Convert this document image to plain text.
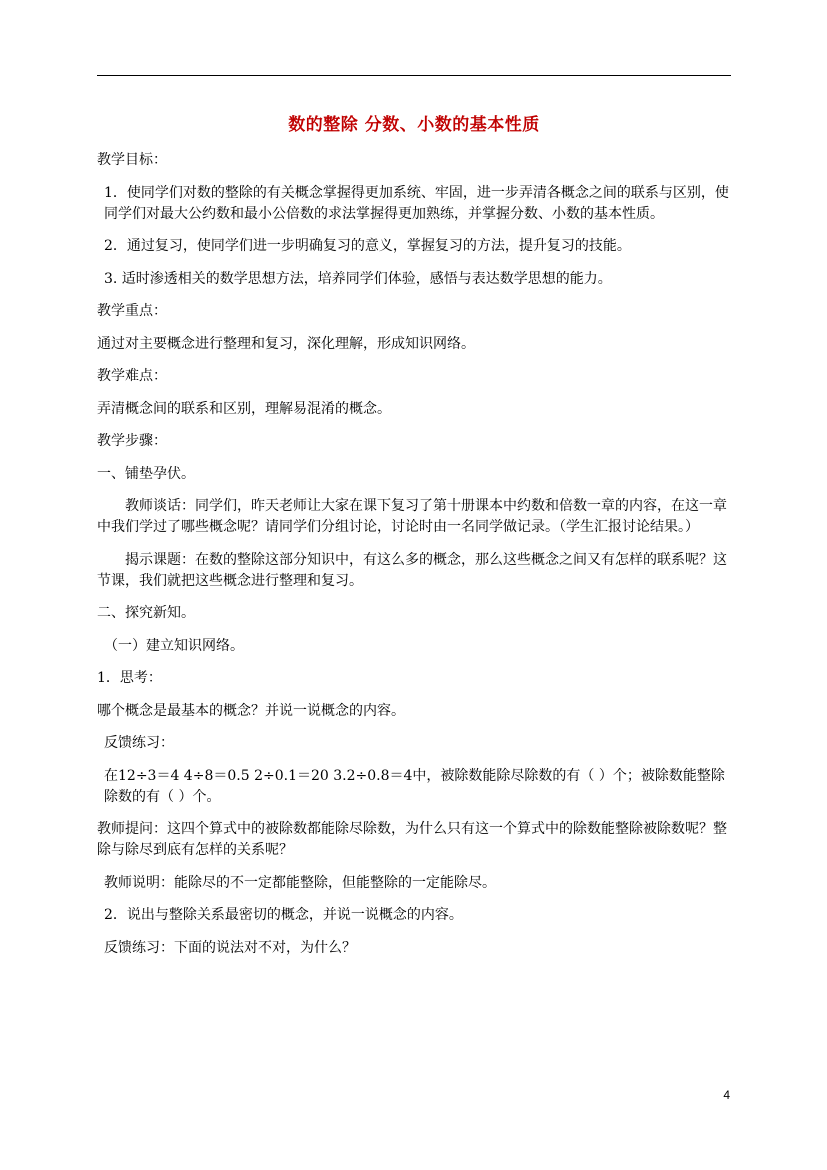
数的整除 分数、小数的基本性质

教学目标：

1．使同学们对数的整除的有关概念掌握得更加系统、牢固，进一步弄清各概念之间的联系与区别，使同学们对最大公约数和最小公倍数的求法掌握得更加熟练，并掌握分数、小数的基本性质。

2．通过复习，使同学们进一步明确复习的意义，掌握复习的方法，提升复习的技能。

3. 适时渗透相关的数学思想方法，培养同学们体验，感悟与表达数学思想的能力。

教学重点：

通过对主要概念进行整理和复习，深化理解，形成知识网络。

教学难点：

弄清概念间的联系和区别，理解易混淆的概念。

教学步骤：

一、铺垫孕伏。

教师谈话：同学们，昨天老师让大家在课下复习了第十册课本中约数和倍数一章的内容，在这一章中我们学过了哪些概念呢？请同学们分组讨论，讨论时由一名同学做记录。（学生汇报讨论结果。）

揭示课题：在数的整除这部分知识中，有这么多的概念，那么这些概念之间又有怎样的联系呢？这节课，我们就把这些概念进行整理和复习。

二、探究新知。

（一）建立知识网络。

1．思考：

哪个概念是最基本的概念？并说一说概念的内容。

反馈练习：

在12÷3＝4 4÷8＝0.5 2÷0.1＝20 3.2÷0.8＝4中，被除数能除尽除数的有（ ）个；被除数能整除除数的有（ ）个。

教师提问：这四个算式中的被除数都能除尽除数，为什么只有这一个算式中的除数能整除被除数呢？整除与除尽到底有怎样的关系呢？

教师说明：能除尽的不一定都能整除，但能整除的一定能除尽。

2．说出与整除关系最密切的概念，并说一说概念的内容。

反馈练习：下面的说法对不对，为什么？

4
